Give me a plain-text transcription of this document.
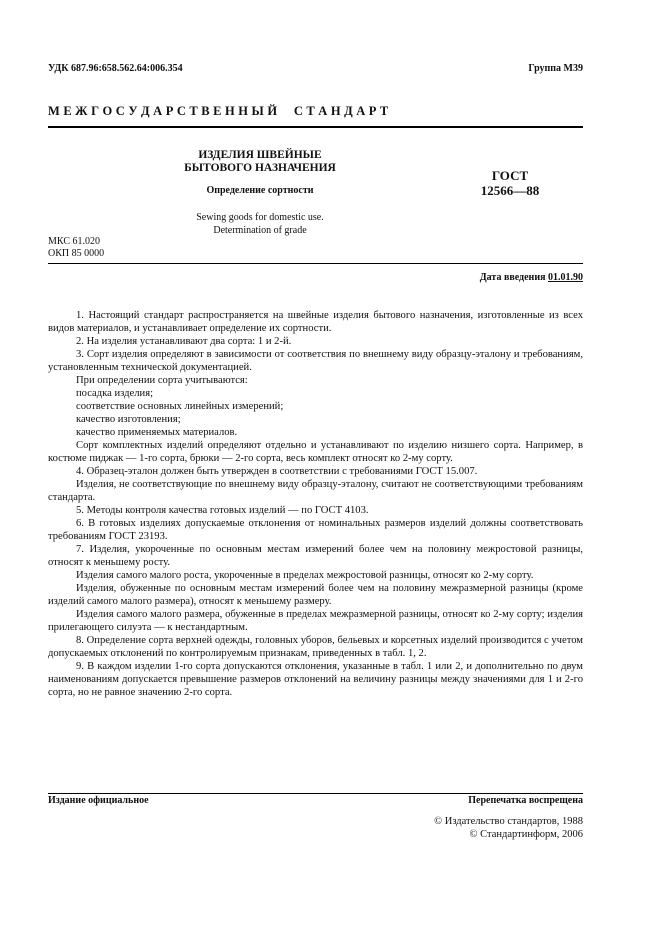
УДК 687.96:658.562.64:006.354	Группа М39
М Е Ж Г О С У Д А Р С Т В Е Н Н Ы Й     С Т А Н Д А Р Т
ИЗДЕЛИЯ ШВЕЙНЫЕ
БЫТОВОГО НАЗНАЧЕНИЯ
Определение сортности
Sewing goods for domestic use.
Determination of grade
ГОСТ
12566—88
МКС 61.020
ОКП 85 0000
Дата введения 01.01.90

1. Настоящий стандарт распространяется на швейные изделия бытового назначения, изготовленные из всех видов материалов, и устанавливает определение их сортности.

2. На изделия устанавливают два сорта: 1 и 2-й.

3. Сорт изделия определяют в зависимости от соответствия по внешнему виду образцу-эталону и требованиям, установленным технической документацией.

При определении сорта учитываются:

посадка изделия;

соответствие основных линейных измерений;

качество изготовления;

качество применяемых материалов.

Сорт комплектных изделий определяют отдельно и устанавливают по изделию низшего сорта. Например, в костюме пиджак — 1-го сорта, брюки — 2-го сорта, весь комплект относят ко 2-му сорту.

4. Образец-эталон должен быть утвержден в соответствии с требованиями ГОСТ 15.007.

Изделия, не соответствующие по внешнему виду образцу-эталону, считают не соответствующими требованиям стандарта.

5. Методы контроля качества готовых изделий — по ГОСТ 4103.

6. В готовых изделиях допускаемые отклонения от номинальных размеров изделий должны соответствовать требованиям ГОСТ 23193.

7. Изделия, укороченные по основным местам измерений более чем на половину межростовой разницы, относят к меньшему росту.

Изделия самого малого роста, укороченные в пределах межростовой разницы, относят ко 2-му сорту.

Изделия, обуженные по основным местам измерений более чем на половину межразмерной разницы (кроме изделий самого малого размера), относят к меньшему размеру.

Изделия самого малого размера, обуженные в пределах межразмерной разницы, относят ко 2-му сорту; изделия прилегающего силуэта — к нестандартным.

8. Определение сорта верхней одежды, головных уборов, бельевых и корсетных изделий производится с учетом допускаемых отклонений по контролируемым признакам, приведенных в табл. 1, 2.

9. В каждом изделии 1-го сорта допускаются отклонения, указанные в табл. 1 или 2, и дополнительно по двум наименованиям допускается превышение размеров отклонений на величину разницы между значениями для 1 и 2-го сорта, но не равное значению 2-го сорта.

Издание официальное	Перепечатка воспрещена
© Издательство стандартов, 1988
© Стандартинформ, 2006
